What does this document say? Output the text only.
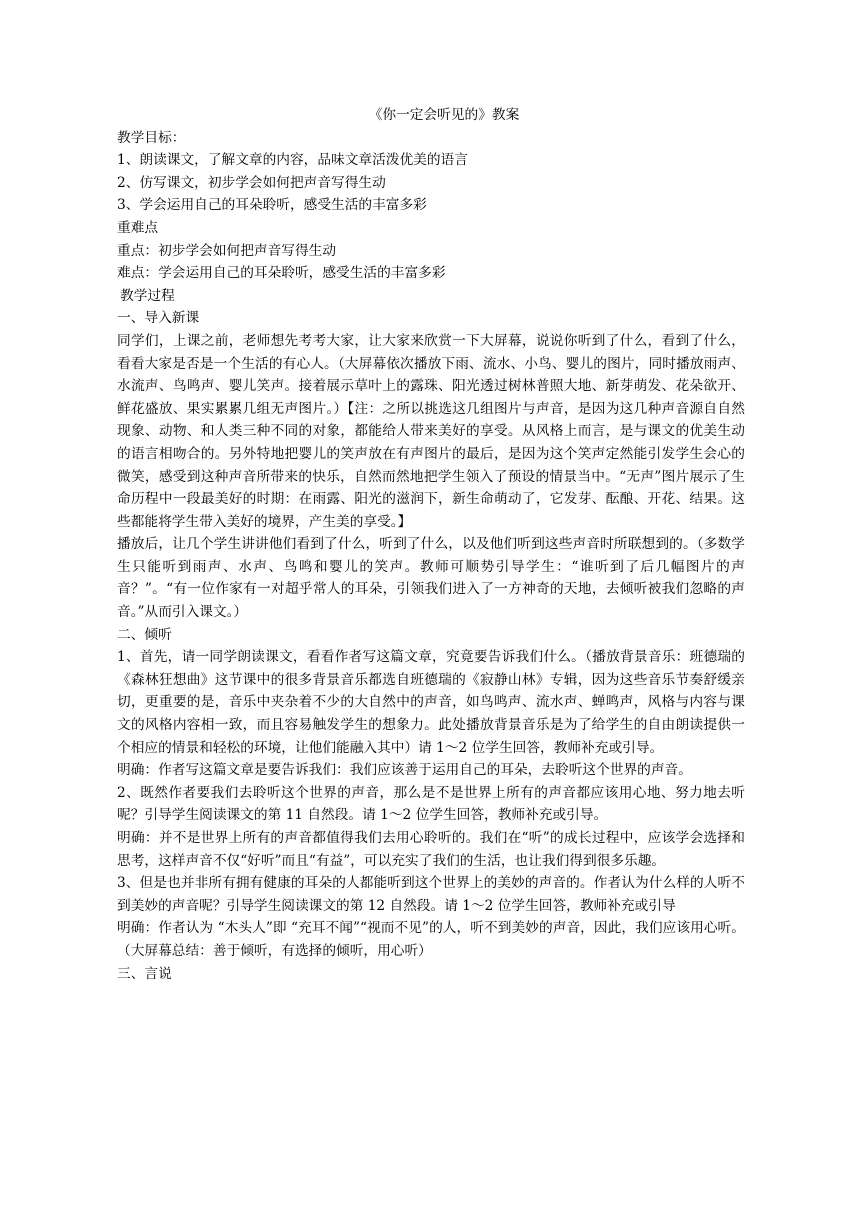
《你一定会听见的》教案

教学目标：

1、朗读课文，了解文章的内容，品味文章活泼优美的语言

2、仿写课文，初步学会如何把声音写得生动

3、学会运用自己的耳朵聆听，感受生活的丰富多彩

重难点

重点：初步学会如何把声音写得生动

难点：学会运用自己的耳朵聆听，感受生活的丰富多彩

教学过程

一、导入新课

同学们，上课之前，老师想先考考大家，让大家来欣赏一下大屏幕，说说你听到了什么，看到了什么，看看大家是否是一个生活的有心人。（大屏幕依次播放下雨、流水、小鸟、婴儿的图片，同时播放雨声、水流声、鸟鸣声、婴儿笑声。接着展示草叶上的露珠、阳光透过树林普照大地、新芽萌发、花朵欲开、鲜花盛放、果实累累几组无声图片。）【注：之所以挑选这几组图片与声音，是因为这几种声音源自自然现象、动物、和人类三种不同的对象，都能给人带来美好的享受。从风格上而言，是与课文的优美生动的语言相吻合的。另外特地把婴儿的笑声放在有声图片的最后，是因为这个笑声定然能引发学生会心的微笑，感受到这种声音所带来的快乐，自然而然地把学生领入了预设的情景当中。“无声”图片展示了生命历程中一段最美好的时期：在雨露、阳光的滋润下，新生命萌动了，它发芽、酝酿、开花、结果。这些都能将学生带入美好的境界，产生美的享受。】

播放后，让几个学生讲讲他们看到了什么，听到了什么，以及他们听到这些声音时所联想到的。（多数学生只能听到雨声、水声、鸟鸣和婴儿的笑声。教师可顺势引导学生：“谁听到了后几幅图片的声音？”。“有一位作家有一对超乎常人的耳朵，引领我们进入了一方神奇的天地，去倾听被我们忽略的声音。”从而引入课文。）

二、倾听

1、首先，请一同学朗读课文，看看作者写这篇文章，究竟要告诉我们什么。（播放背景音乐：班德瑞的《森林狂想曲》这节课中的很多背景音乐都选自班德瑞的《寂静山林》专辑，因为这些音乐节奏舒缓亲切，更重要的是，音乐中夹杂着不少的大自然中的声音，如鸟鸣声、流水声、蝉鸣声，风格与内容与课文的风格内容相一致，而且容易触发学生的想象力。此处播放背景音乐是为了给学生的自由朗读提供一个相应的情景和轻松的环境，让他们能融入其中）请 1～2 位学生回答，教师补充或引导。

明确：作者写这篇文章是要告诉我们：我们应该善于运用自己的耳朵，去聆听这个世界的声音。

2、既然作者要我们去聆听这个世界的声音，那么是不是世界上所有的声音都应该用心地、努力地去听呢？引导学生阅读课文的第 11 自然段。请 1～2 位学生回答，教师补充或引导。

明确：并不是世界上所有的声音都值得我们去用心聆听的。我们在“听”的成长过程中，应该学会选择和思考，这样声音不仅“好听”而且“有益”，可以充实了我们的生活，也让我们得到很多乐趣。

3、但是也并非所有拥有健康的耳朵的人都能听到这个世界上的美妙的声音的。作者认为什么样的人听不到美妙的声音呢？引导学生阅读课文的第 12 自然段。请 1～2 位学生回答，教师补充或引导

明确：作者认为 “木头人”即 “充耳不闻”“视而不见”的人，听不到美妙的声音，因此，我们应该用心听。（大屏幕总结：善于倾听，有选择的倾听，用心听）

三、言说
